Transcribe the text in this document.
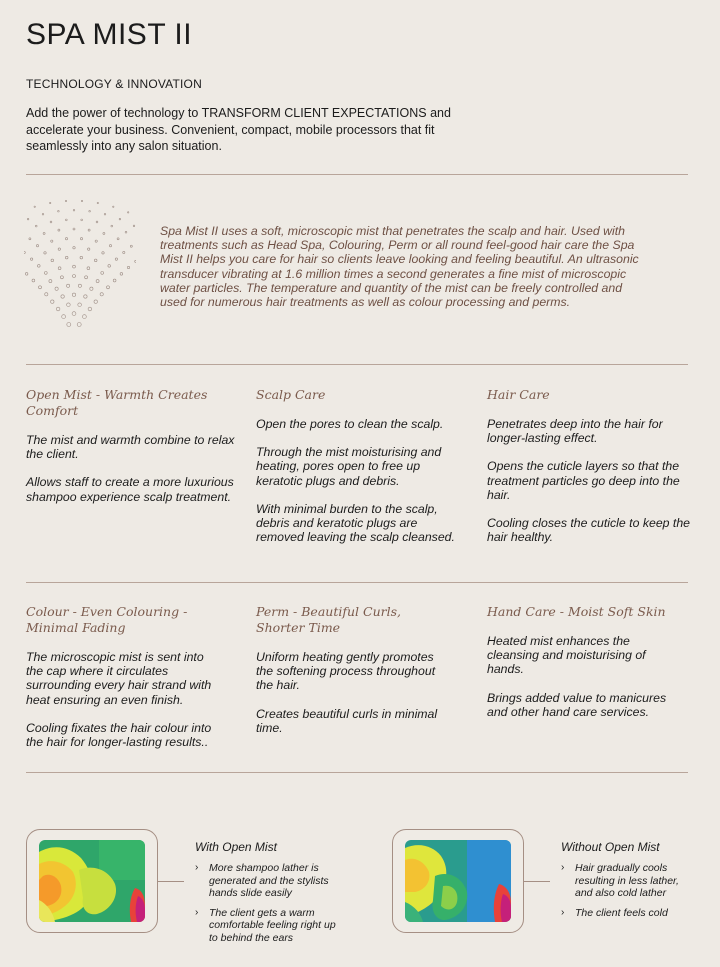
SPA MIST II
TECHNOLOGY & INNOVATION

Add the power of technology to TRANSFORM CLIENT EXPECTATIONS and accelerate your business. Convenient, compact, mobile processors that fit seamlessly into any salon situation.

Spa Mist II uses a soft, microscopic mist that penetrates the scalp and hair. Used with treatments such as Head Spa, Colouring, Perm or all round feel-good hair care the Spa Mist II helps you care for hair so clients leave looking and feeling beautiful. An ultrasonic transducer vibrating at 1.6 million times a second generates a fine mist of microscopic water particles. The temperature and quantity of the mist can be freely controlled and used for numerous hair treatments as well as colour processing and perms.

Open Mist - Warmth Creates Comfort

The mist and warmth combine to relax the client.

Allows staff to create a more luxurious shampoo experience scalp treatment.

Scalp Care

Open the pores to clean the scalp.

Through the mist moisturising and heating, pores open to free up keratotic plugs and debris.

With minimal burden to the scalp, debris and keratotic plugs are removed leaving the scalp cleansed.

Hair Care

Penetrates deep into the hair for longer-lasting effect.

Opens the cuticle layers so that the treatment particles go deep into the hair.

Cooling closes the cuticle to keep the hair healthy.

Colour - Even Colouring - Minimal Fading

The microscopic mist is sent into the cap where it circulates surrounding every hair strand with heat ensuring an even finish.

Cooling fixates the hair colour into the hair for longer-lasting results..

Perm - Beautiful Curls, Shorter Time

Uniform heating gently promotes the softening process throughout the hair.

Creates beautiful curls in minimal time.

Hand Care - Moist Soft Skin

Heated mist enhances the cleansing and moisturising of hands.

Brings added value to manicures and other hand care services.

With Open Mist
› More shampoo lather is generated and the stylists hands slide easily
› The client gets a warm comfortable feeling right up to behind the ears
Without Open Mist
› Hair gradually cools resulting in less lather, and also cold lather
› The client feels cold
